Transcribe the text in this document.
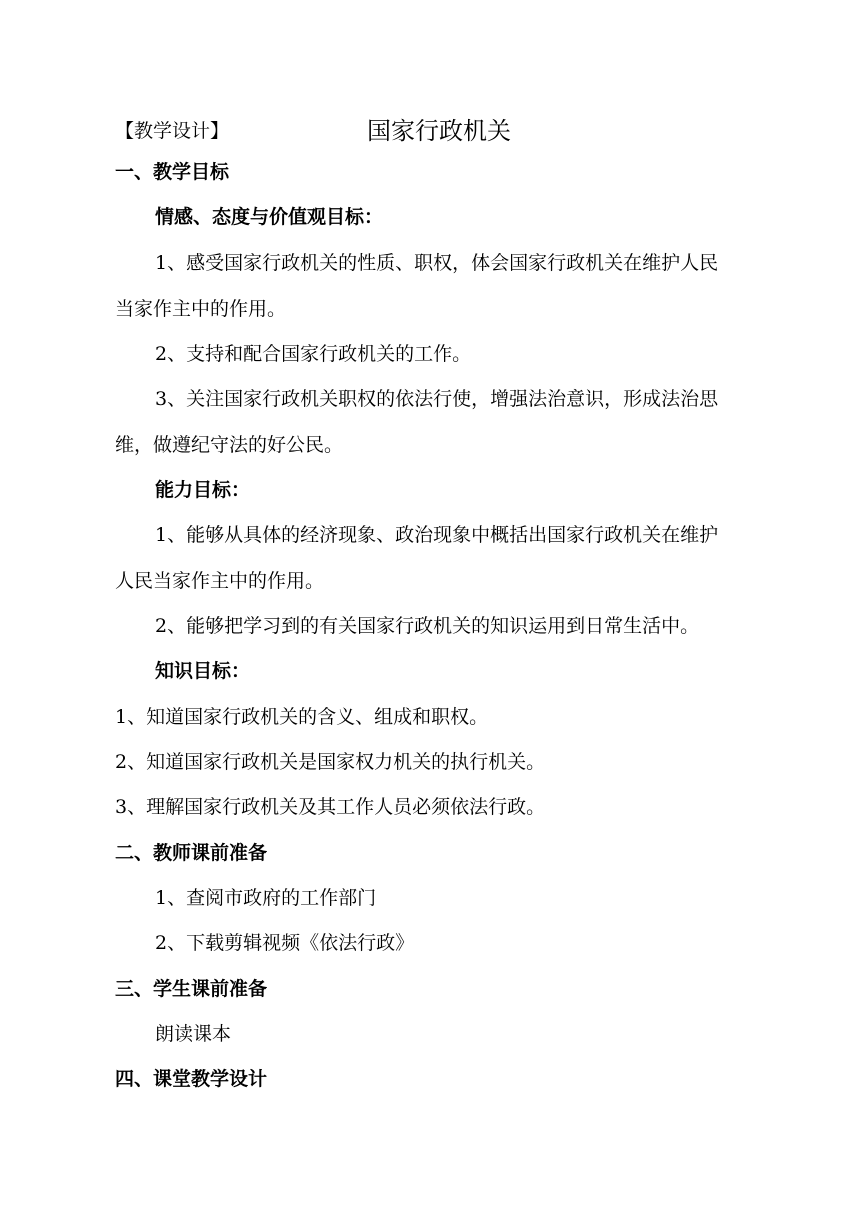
【教学设计】	国家行政机关
一、教学目标
情感、态度与价值观目标：
1、感受国家行政机关的性质、职权，体会国家行政机关在维护人民
当家作主中的作用。
2、支持和配合国家行政机关的工作。
3、关注国家行政机关职权的依法行使，增强法治意识，形成法治思
维，做遵纪守法的好公民。
能力目标：
1、能够从具体的经济现象、政治现象中概括出国家行政机关在维护
人民当家作主中的作用。
2、能够把学习到的有关国家行政机关的知识运用到日常生活中。
知识目标：
1、知道国家行政机关的含义、组成和职权。
2、知道国家行政机关是国家权力机关的执行机关。
3、理解国家行政机关及其工作人员必须依法行政。
二、教师课前准备
1、查阅市政府的工作部门
2、下载剪辑视频《依法行政》
三、学生课前准备
朗读课本
四、课堂教学设计
